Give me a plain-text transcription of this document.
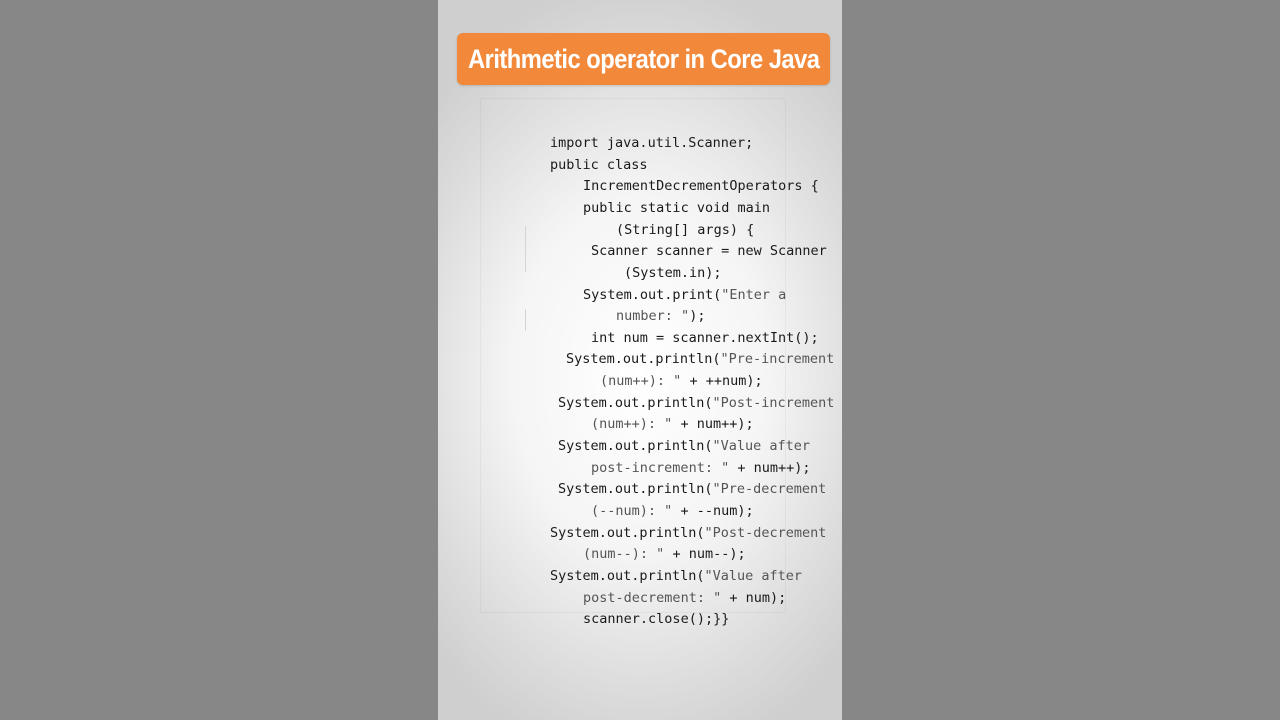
Arithmetic operator in Core Java

import java.util.Scanner;

public class

IncrementDecrementOperators {

public static void main

(String[] args) {

Scanner scanner = new Scanner

(System.in);

System.out.print("Enter a

number: ");

int num = scanner.nextInt();

System.out.println("Pre-increment

(num++): " + ++num);

System.out.println("Post-increment

(num++): " + num++);

System.out.println("Value after

post-increment: " + num++);

System.out.println("Pre-decrement

(--num): " + --num);

System.out.println("Post-decrement

(num--): " + num--);

System.out.println("Value after

post-decrement: " + num);

scanner.close();}}
